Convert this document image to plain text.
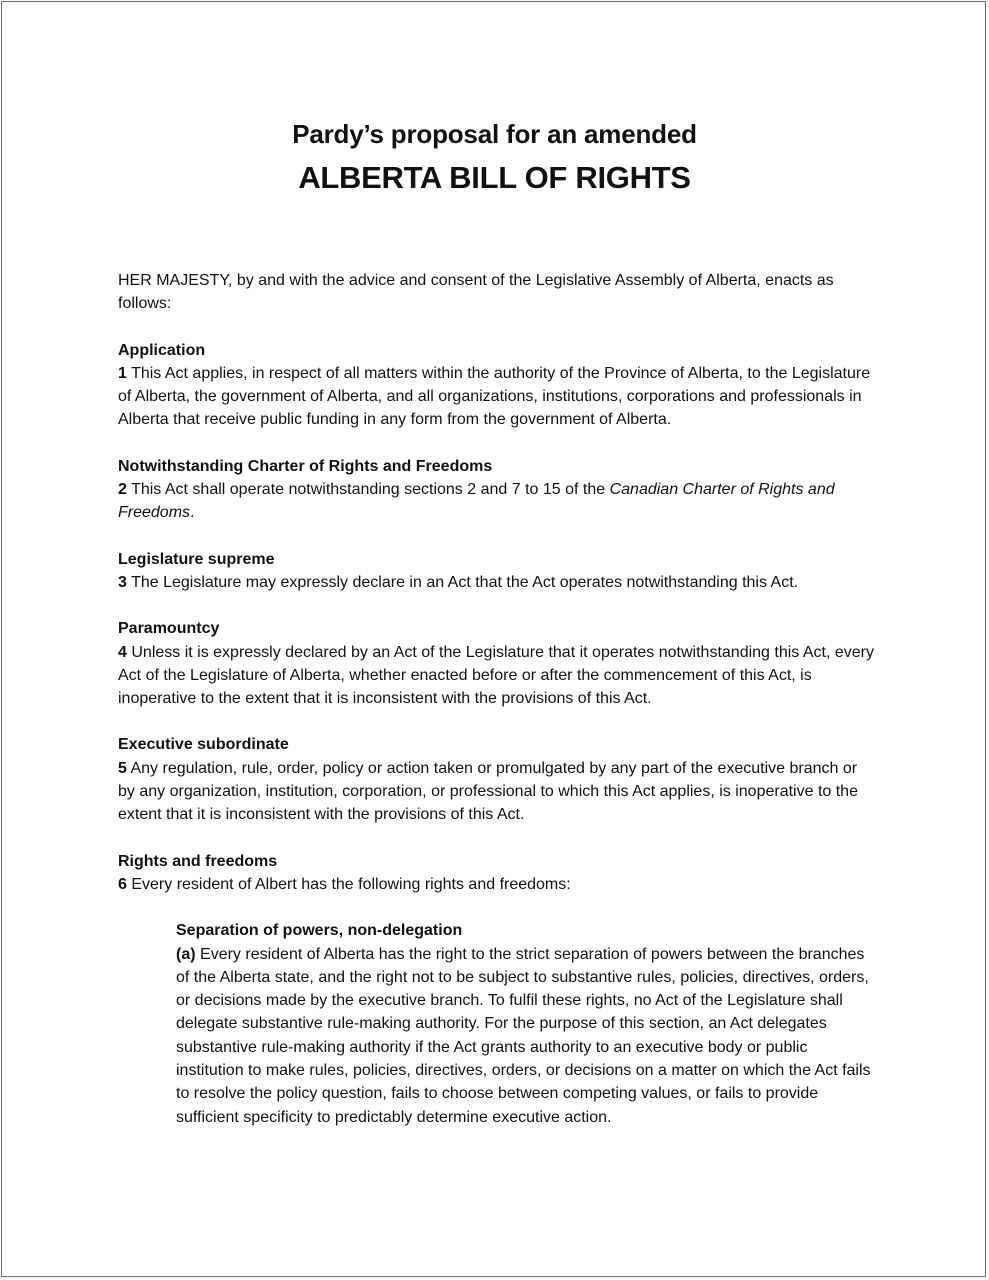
Pardy’s proposal for an amended
ALBERTA BILL OF RIGHTS

HER MAJESTY, by and with the advice and consent of the Legislative Assembly of Alberta, enacts as follows:

Application

1 This Act applies, in respect of all matters within the authority of the Province of Alberta, to the Legislature of Alberta, the government of Alberta, and all organizations, institutions, corporations and professionals in Alberta that receive public funding in any form from the government of Alberta.

Notwithstanding Charter of Rights and Freedoms

2 This Act shall operate notwithstanding sections 2 and 7 to 15 of the Canadian Charter of Rights and Freedoms.

Legislature supreme

3 The Legislature may expressly declare in an Act that the Act operates notwithstanding this Act.

Paramountcy

4 Unless it is expressly declared by an Act of the Legislature that it operates notwithstanding this Act, every Act of the Legislature of Alberta, whether enacted before or after the commencement of this Act, is inoperative to the extent that it is inconsistent with the provisions of this Act.

Executive subordinate

5 Any regulation, rule, order, policy or action taken or promulgated by any part of the executive branch or by any organization, institution, corporation, or professional to which this Act applies, is inoperative to the extent that it is inconsistent with the provisions of this Act.

Rights and freedoms

6 Every resident of Albert has the following rights and freedoms:

Separation of powers, non-delegation

(a) Every resident of Alberta has the right to the strict separation of powers between the branches of the Alberta state, and the right not to be subject to substantive rules, policies, directives, orders, or decisions made by the executive branch. To fulfil these rights, no Act of the Legislature shall delegate substantive rule-making authority. For the purpose of this section, an Act delegates substantive rule-making authority if the Act grants authority to an executive body or public institution to make rules, policies, directives, orders, or decisions on a matter on which the Act fails to resolve the policy question, fails to choose between competing values, or fails to provide sufficient specificity to predictably determine executive action.
